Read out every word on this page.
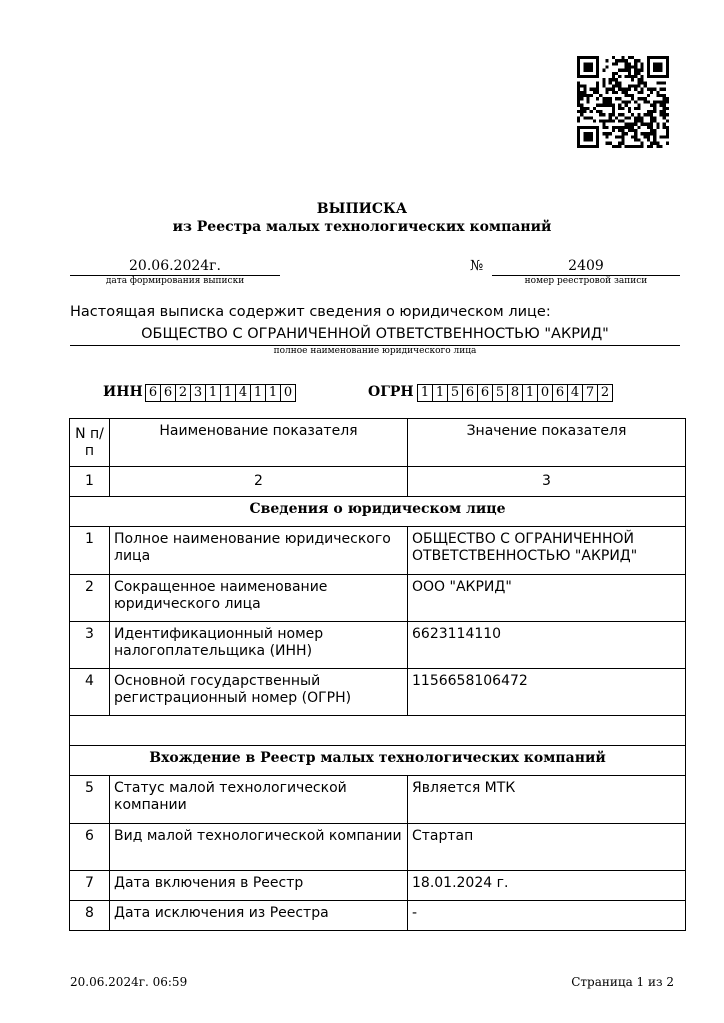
ВЫПИСКА
из Реестра малых технологических компаний
20.06.2024г.
дата формирования выписки
№	2409
номер реестровой записи
Настоящая выписка содержит сведения о юридическом лице:
ОБЩЕСТВО С ОГРАНИЧЕННОЙ ОТВЕТСТВЕННОСТЬЮ "АКРИД"
полное наименование юридического лица
ИНН 6 6 2 3 1 1 4 1 1 0	ОГРН 1 1 5 6 6 5 8 1 0 6 4 7 2
N п/п	Наименование показателя	Значение показателя
1	2	3
Сведения о юридическом лице		
1	Полное наименование юридического лица	ОБЩЕСТВО С ОГРАНИЧЕННОЙ ОТВЕТСТВЕННОСТЬЮ "АКРИД"
2	Сокращенное наименование юридического лица	ООО "АКРИД"
3	Идентификационный номер налогоплательщика (ИНН)	6623114110
4	Основной государственный регистрационный номер (ОГРН)	1156658106472

Вхождение в Реестр малых технологических компаний		
5	Статус малой технологической компании	Является МТК
6	Вид малой технологической компании	Стартап
7	Дата включения в Реестр	18.01.2024 г.
8	Дата исключения из Реестра	-
20.06.2024г. 06:59	Страница 1 из 2
